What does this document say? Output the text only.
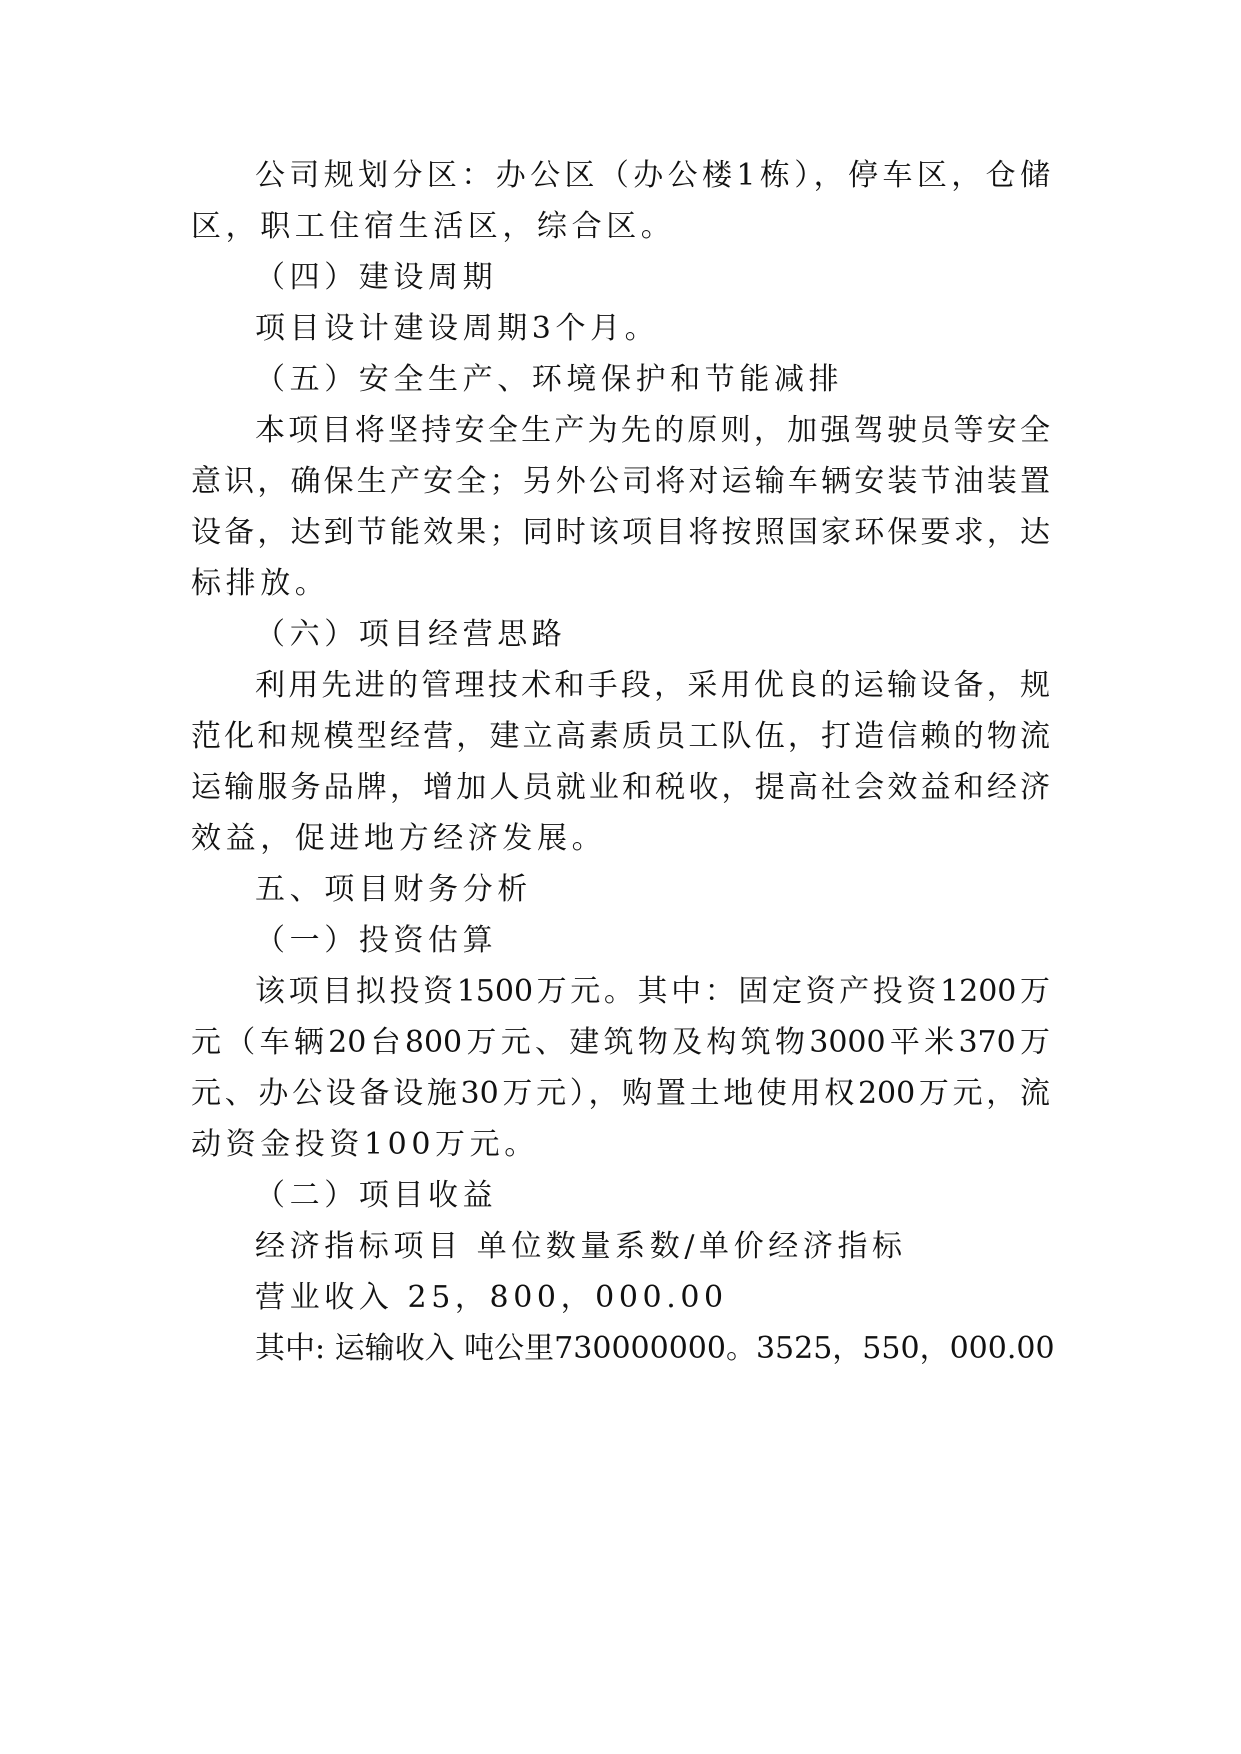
公司规划分区：办公区（办公楼1栋），停车区，仓储
区，职工住宿生活区，综合区。
（四）建设周期
项目设计建设周期3个月。
（五）安全生产、环境保护和节能减排
本项目将坚持安全生产为先的原则，加强驾驶员等安全
意识，确保生产安全；另外公司将对运输车辆安装节油装置
设备，达到节能效果；同时该项目将按照国家环保要求，达
标排放。
（六）项目经营思路
利用先进的管理技术和手段，采用优良的运输设备，规
范化和规模型经营，建立高素质员工队伍，打造信赖的物流
运输服务品牌，增加人员就业和税收，提高社会效益和经济
效益，促进地方经济发展。
五、项目财务分析
（一）投资估算
该项目拟投资1500万元。其中：固定资产投资1200万
元（车辆20台800万元、建筑物及构筑物3000平米370万
元、办公设备设施30万元），购置土地使用权200万元，流
动资金投资100万元。
（二）项目收益
经济指标项目 单位数量系数/单价经济指标
营业收入 25，800，000.00
其中: 运输收入 吨公里730000000。3525，550，000.00
